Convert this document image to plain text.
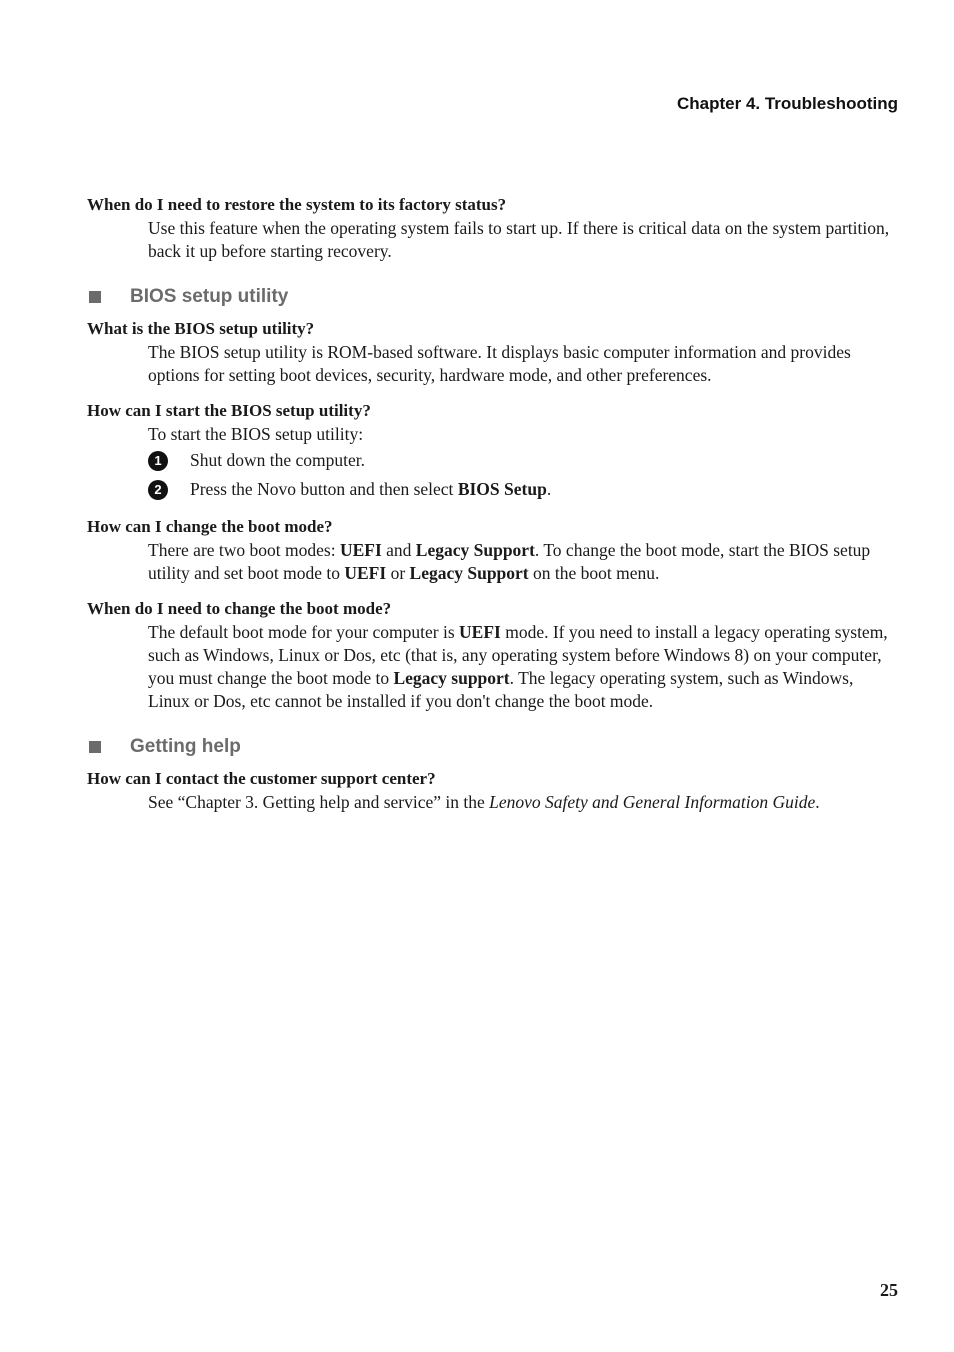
Chapter 4. Troubleshooting

When do I need to restore the system to its factory status?

Use this feature when the operating system fails to start up. If there is critical data on the system partition, back it up before starting recovery.

BIOS setup utility

What is the BIOS setup utility?

The BIOS setup utility is ROM-based software. It displays basic computer information and provides options for setting boot devices, security, hardware mode, and other preferences.

How can I start the BIOS setup utility?

To start the BIOS setup utility:

1	Shut down the computer.
2	Press the Novo button and then select BIOS Setup.

How can I change the boot mode?

There are two boot modes: UEFI and Legacy Support. To change the boot mode, start the BIOS setup utility and set boot mode to UEFI or Legacy Support on the boot menu.

When do I need to change the boot mode?

The default boot mode for your computer is UEFI mode. If you need to install a legacy operating system, such as Windows, Linux or Dos, etc (that is, any operating system before Windows 8) on your computer, you must change the boot mode to Legacy support. The legacy operating system, such as Windows, Linux or Dos, etc cannot be installed if you don't change the boot mode.

Getting help

How can I contact the customer support center?

See “Chapter 3. Getting help and service” in the Lenovo Safety and General Information Guide.

25
